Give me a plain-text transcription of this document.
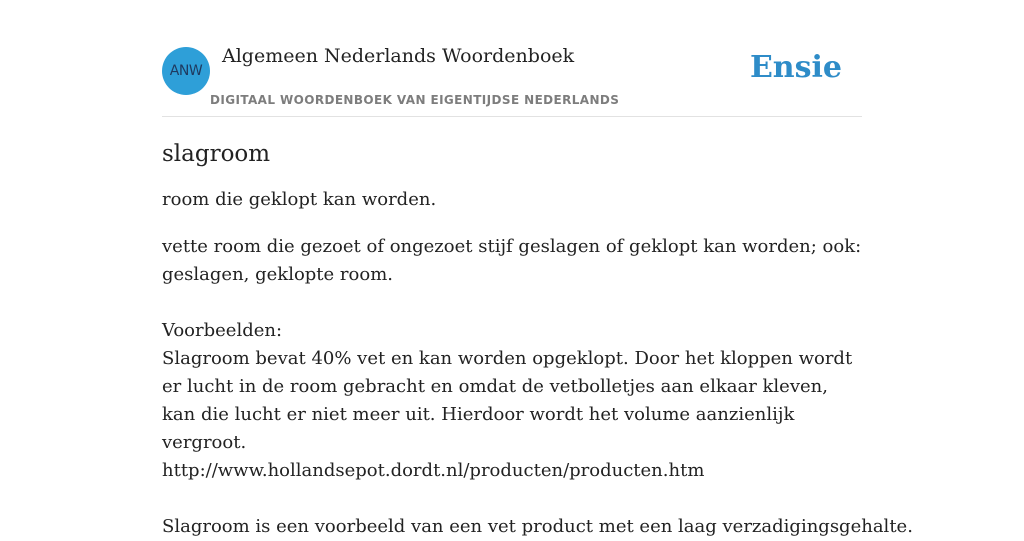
ANW
Algemeen Nederlands Woordenboek
DIGITAAL WOORDENBOEK VAN EIGENTIJDSE NEDERLANDS
Ensie
slagroom

room die geklopt kan worden.

vette room die gezoet of ongezoet stijf geslagen of geklopt kan worden; ook: geslagen, geklopte room.
Voorbeelden:
Slagroom bevat 40% vet en kan worden opgeklopt. Door het kloppen wordt er lucht in de room gebracht en omdat de vetbolletjes aan elkaar kleven, kan die lucht er niet meer uit. Hierdoor wordt het volume aanzienlijk vergroot.
http://www.hollandsepot.dordt.nl/producten/producten.htm
Slagroom is een voorbeeld van een vet product met een laag verzadigingsgehalte.
